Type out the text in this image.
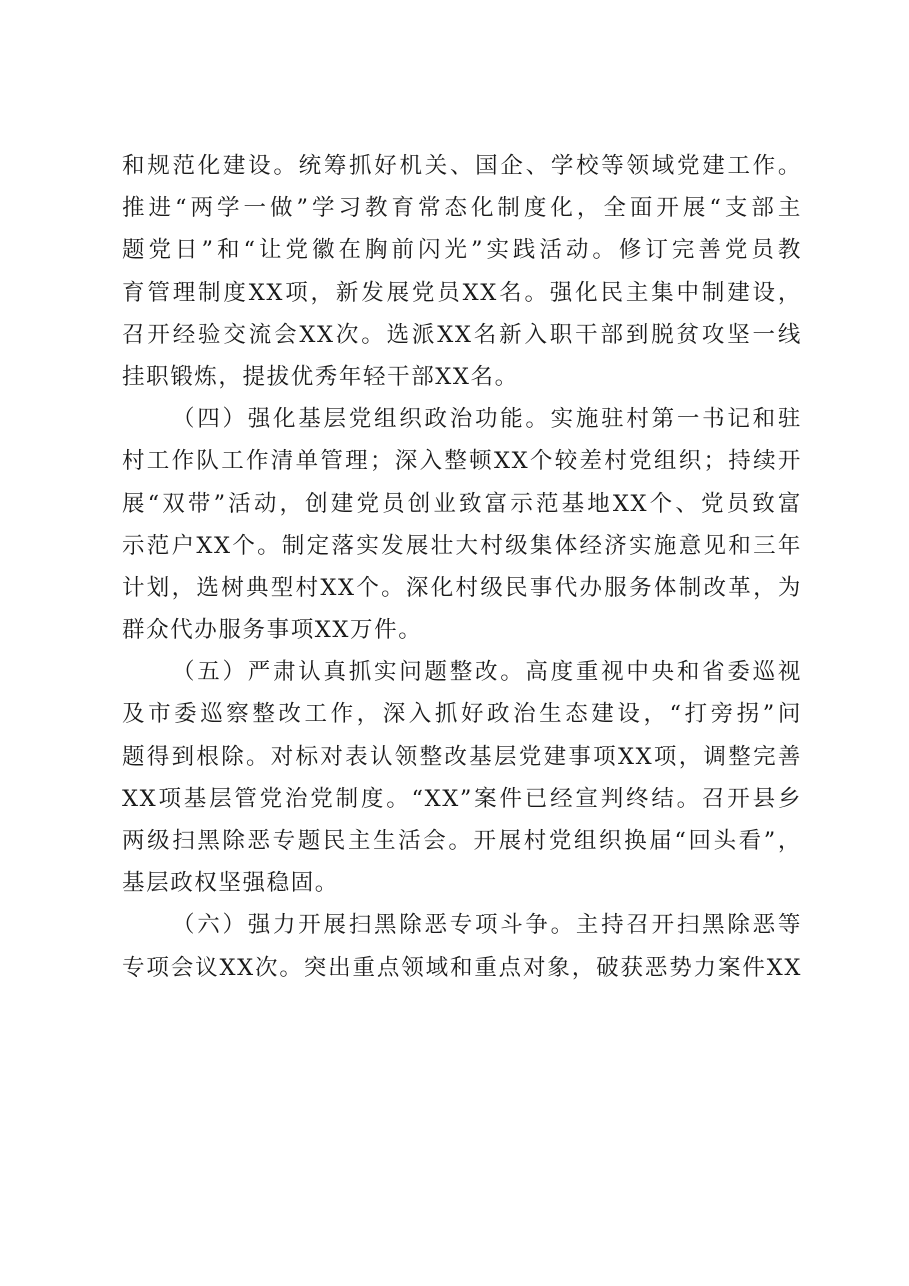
和规范化建设。统筹抓好机关、国企、学校等领域党建工作。
推进“两学一做”学习教育常态化制度化，全面开展“支部主
题党日”和“让党徽在胸前闪光”实践活动。修订完善党员教
育管理制度XX项，新发展党员XX名。强化民主集中制建设，
召开经验交流会XX次。选派XX名新入职干部到脱贫攻坚一线
挂职锻炼，提拔优秀年轻干部XX名。
（四）强化基层党组织政治功能。实施驻村第一书记和驻
村工作队工作清单管理；深入整顿XX个较差村党组织；持续开
展“双带”活动，创建党员创业致富示范基地XX个、党员致富
示范户XX个。制定落实发展壮大村级集体经济实施意见和三年
计划，选树典型村XX个。深化村级民事代办服务体制改革，为
群众代办服务事项XX万件。
（五）严肃认真抓实问题整改。高度重视中央和省委巡视
及市委巡察整改工作，深入抓好政治生态建设，“打旁拐”问
题得到根除。对标对表认领整改基层党建事项XX项，调整完善
XX项基层管党治党制度。“XX”案件已经宣判终结。召开县乡
两级扫黑除恶专题民主生活会。开展村党组织换届“回头看”，
基层政权坚强稳固。
（六）强力开展扫黑除恶专项斗争。主持召开扫黑除恶等
专项会议XX次。突出重点领域和重点对象，破获恶势力案件XX
